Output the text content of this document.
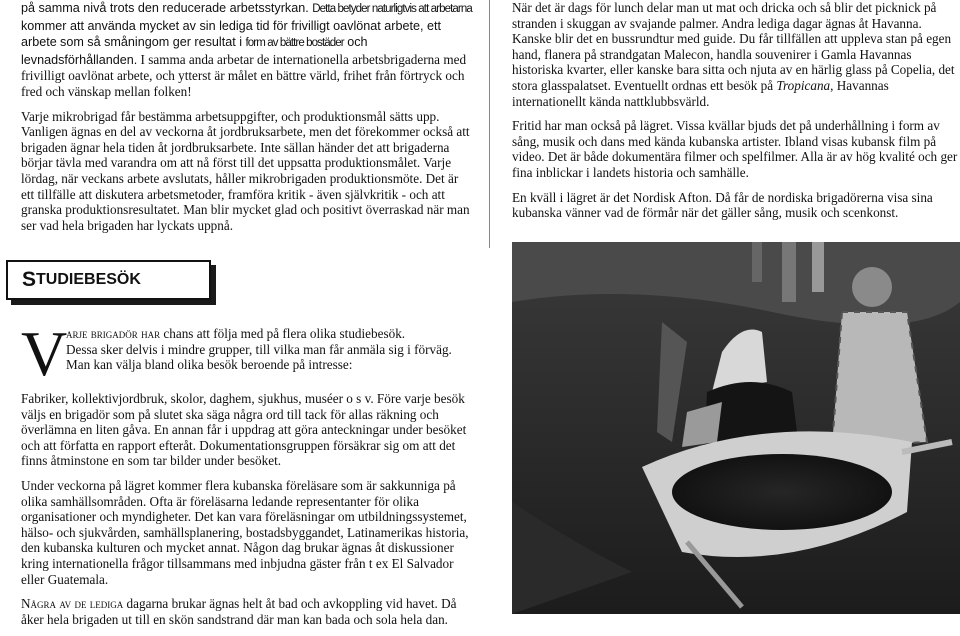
på samma nivå trots den reducerade arbetsstyrkan. Detta betyder naturligtvis att arbetarna kommer att använda mycket av sin lediga tid för frivilligt oavlönat arbete, ett arbete som så småningom ger resultat i form av bättre bostäder och levnadsförhållanden. I samma anda arbetar de internationella arbetsbrigaderna med frivilligt oavlönat arbete, och ytterst är målet en bättre värld, frihet från förtryck och fred och vänskap mellan folken!

Varje mikrobrigad får bestämma arbetsuppgifter, och produktionsmål sätts upp. Vanligen ägnas en del av veckorna åt jordbruksarbete, men det förekommer också att brigaden ägnar hela tiden åt jordbruksarbete. Inte sällan händer det att brigaderna börjar tävla med varandra om att nå först till det uppsatta produktionsmålet. Varje lördag, när veckans arbete avslutats, håller mikrobrigaden produktionsmöte. Det är ett tillfälle att diskutera arbetsmetoder, framföra kritik - även självkritik - och att granska produktionsresultatet. Man blir mycket glad och positivt överraskad när man ser vad hela brigaden har lyckats uppnå.

När det är dags för lunch delar man ut mat och dricka och så blir det picknick på stranden i skuggan av svajande palmer. Andra lediga dagar ägnas åt Havanna. Kanske blir det en bussrundtur med guide. Du får tillfällen att uppleva stan på egen hand, flanera på strandgatan Malecon, handla souvenirer i Gamla Havannas historiska kvarter, eller kanske bara sitta och njuta av en härlig glass på Copelia, det stora glasspalatset. Eventuellt ordnas ett besök på Tropicana, Havannas internationellt kända nattklubbsvärld.

Fritid har man också på lägret. Vissa kvällar bjuds det på underhållning i form av sång, musik och dans med kända kubanska artister. Ibland visas kubansk film på video. Det är både dokumentära filmer och spelfilmer. Alla är av hög kvalité och ger fina inblickar i landets historia och samhälle.

En kväll i lägret är det Nordisk Afton. Då får de nordiska brigadörerna visa sina kubanska vänner vad de förmår när det gäller sång, musik och scenkonst.

S TUDIEBESÖK
V
arje brigadör har chans att följa med på flera olika studiebesök.
Dessa sker delvis i mindre grupper, till vilka man får anmäla sig i förväg.
Man kan välja bland olika besök beroende på intresse:

Fabriker, kollektivjordbruk, skolor, daghem, sjukhus, muséer o s v. Före varje besök väljs en brigadör som på slutet ska säga några ord till tack för allas räkning och överlämna en liten gåva. En annan får i uppdrag att göra anteckningar under besöket och att författa en rapport efteråt. Dokumentationsgruppen försäkrar sig om att det finns åtminstone en som tar bilder under besöket.

Under veckorna på lägret kommer flera kubanska föreläsare som är sakkunniga på olika samhällsområden. Ofta är föreläsarna ledande representanter för olika organisationer och myndigheter. Det kan vara föreläsningar om utbildningssystemet, hälso- och sjukvården, samhällsplanering, bostadsbyggandet, Latinamerikas historia, den kubanska kulturen och mycket annat. Någon dag brukar ägnas åt diskussioner kring internationella frågor tillsammans med inbjudna gäster från t ex El Salvador eller Guatemala.

Några av de lediga dagarna brukar ägnas helt åt bad och avkoppling vid havet. Då åker hela brigaden ut till en skön sandstrand där man kan bada och sola hela dan.
